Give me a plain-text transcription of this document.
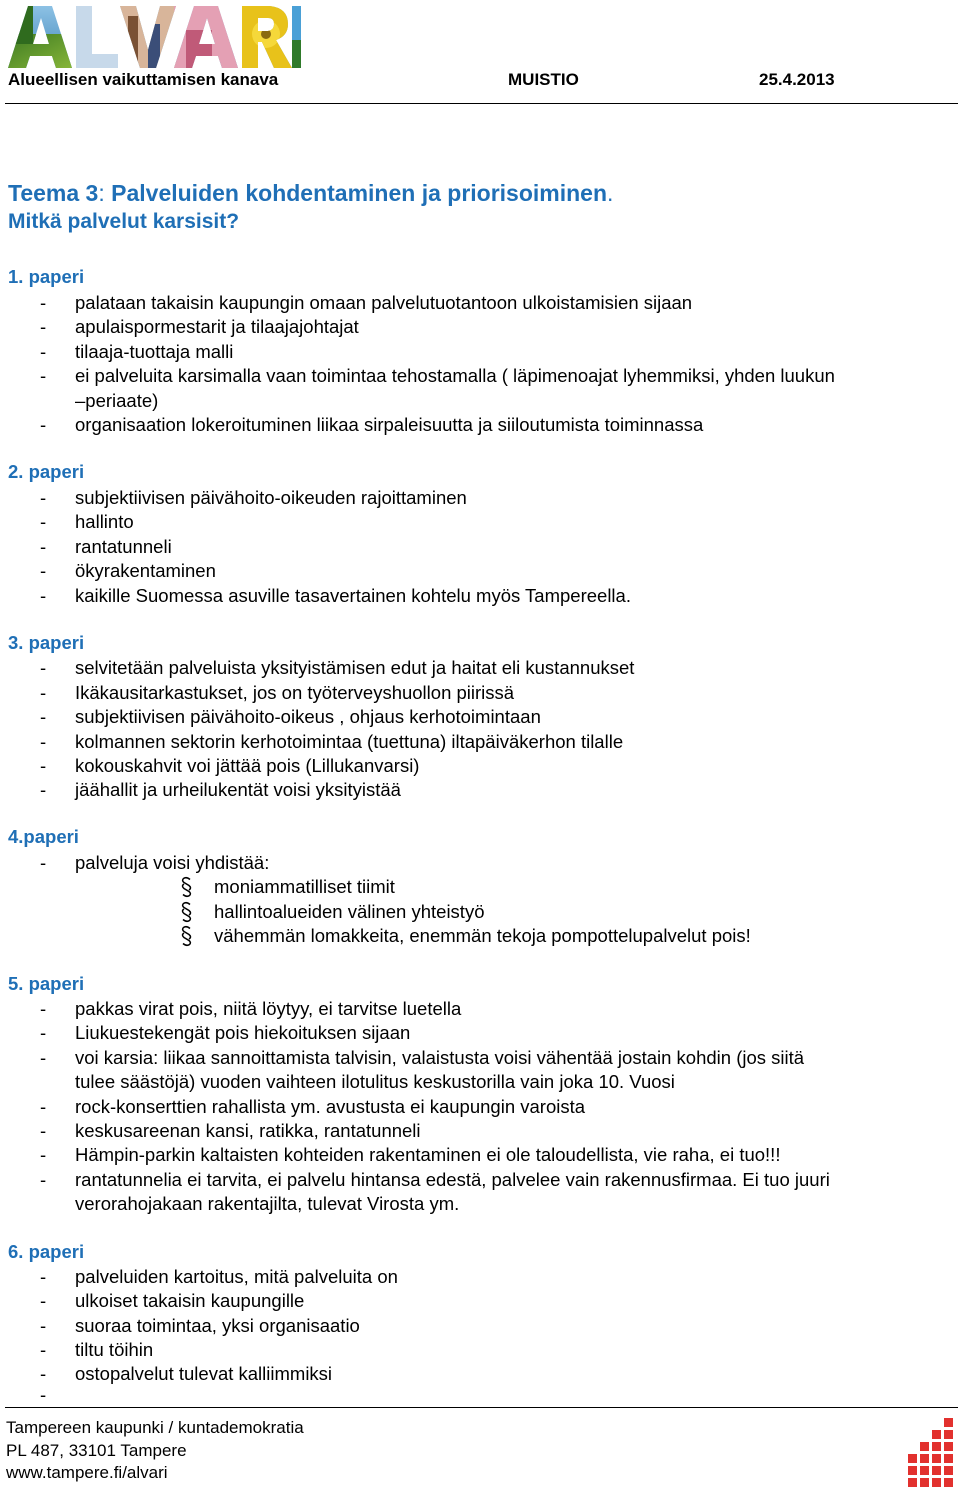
Alueellisen vaikuttamisen kanava	MUISTIO	25.4.2013
Teema 3: Palveluiden kohdentaminen ja priorisoiminen.
Mitkä palvelut karsisit?
1. paperi
- palataan takaisin kaupungin omaan palvelutuotantoon ulkoistamisien sijaan
- apulaispormestarit ja tilaajajohtajat
- tilaaja-tuottaja malli
- ei palveluita karsimalla vaan toimintaa tehostamalla ( läpimenoajat lyhemmiksi, yhden luukun
–periaate)
- organisaation lokeroituminen liikaa sirpaleisuutta ja siiloutumista toiminnassa
2. paperi
- subjektiivisen päivähoito-oikeuden rajoittaminen
- hallinto
- rantatunneli
- ökyrakentaminen
- kaikille Suomessa asuville tasavertainen kohtelu myös Tampereella.
3. paperi
- selvitetään palveluista yksityistämisen edut ja haitat eli kustannukset
- Ikäkausitarkastukset, jos on työterveyshuollon piirissä
- subjektiivisen päivähoito-oikeus , ohjaus kerhotoimintaan
- kolmannen sektorin kerhotoimintaa (tuettuna) iltapäiväkerhon tilalle
- kokouskahvit voi jättää pois (Lillukanvarsi)
- jäähallit ja urheilukentät voisi yksityistää
4.paperi
- palveluja voisi yhdistää:
moniammatilliset tiimit
hallintoalueiden välinen yhteistyö
vähemmän lomakkeita, enemmän tekoja pompottelupalvelut pois!
5. paperi
- pakkas virat pois, niitä löytyy, ei tarvitse luetella
- Liukuestekengät pois hiekoituksen sijaan
- voi karsia: liikaa sannoittamista talvisin, valaistusta voisi vähentää jostain kohdin (jos siitä
tulee säästöjä) vuoden vaihteen ilotulitus keskustorilla vain joka 10. Vuosi
- rock-konserttien rahallista ym. avustusta ei kaupungin varoista
- keskusareenan kansi, ratikka, rantatunneli
- Hämpin-parkin kaltaisten kohteiden rakentaminen ei ole taloudellista, vie raha, ei tuo!!!
- rantatunnelia ei tarvita, ei palvelu hintansa edestä, palvelee vain rakennusfirmaa. Ei tuo juuri
verorahojakaan rakentajilta, tulevat Virosta ym.
6. paperi
- palveluiden kartoitus, mitä palveluita on
- ulkoiset takaisin kaupungille
- suoraa toimintaa, yksi organisaatio
- tiltu töihin
- ostopalvelut tulevat kalliimmiksi
-
Tampereen kaupunki / kuntademokratia
PL 487, 33101 Tampere
www.tampere.fi/alvari
